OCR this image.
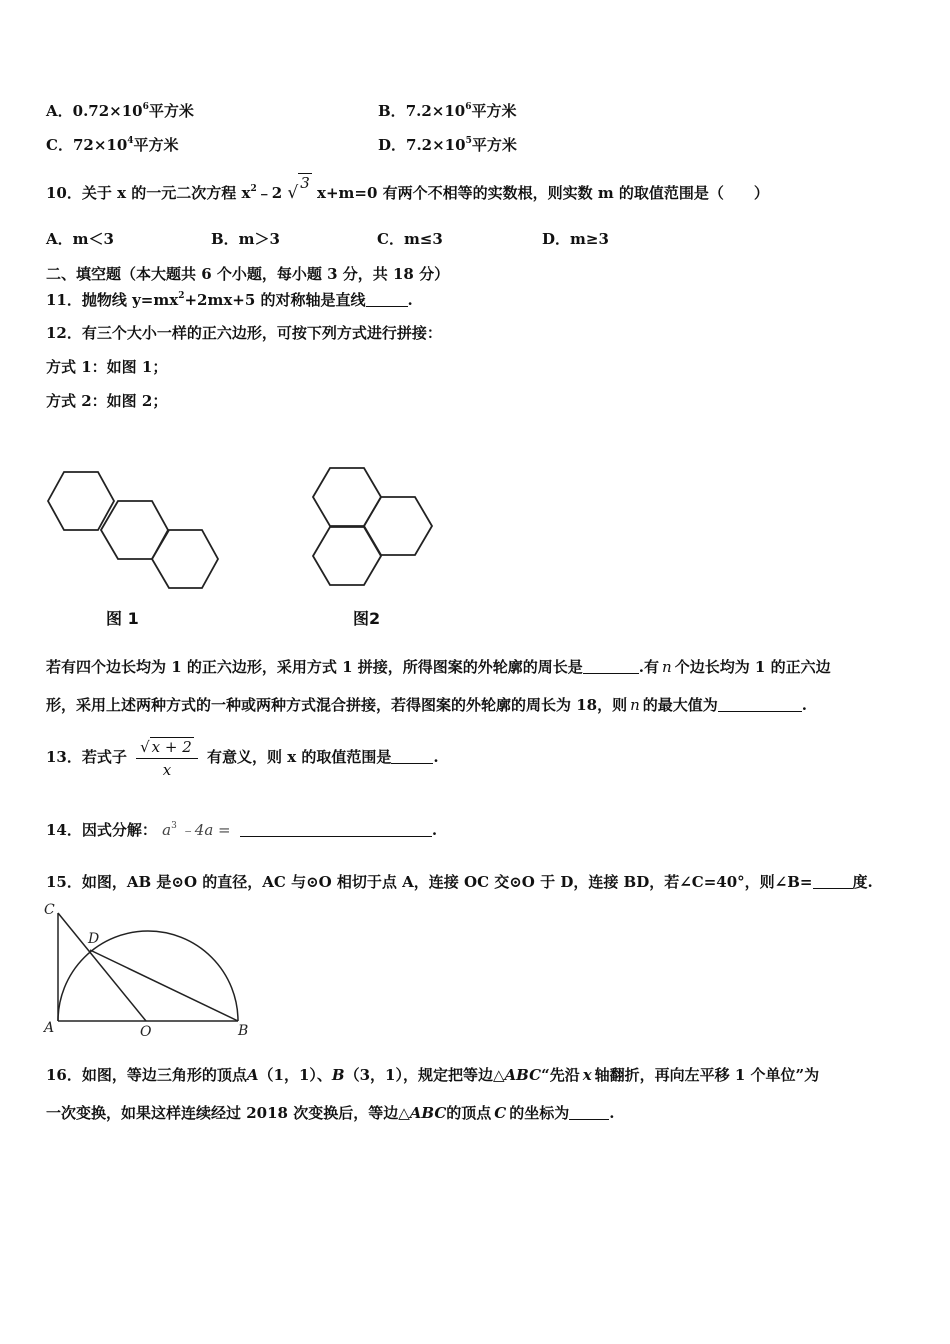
A．$0.72\times 10^6$平方米	B．$7.2\times 10^6$平方米
C．$72\times 10^4$平方米	D．$7.2\times 10^5$平方米
10．关于 x 的一元二次方程 $x^2﹣2$ √ 3 x+m=0 有两个不相等的实数根，则实数 m 的取值范围是（　　）
A．m＜3	B．m＞3	C．m≤3	D．m≥3
二、填空题（本大题共 6 个小题，每小题 3 分，共 18 分）
11．抛物线 $y=mx^2+2mx+5$ 的对称轴是直线	.
12．有三个大小一样的正六边形，可按下列方式进行拼接：
方式 1：如图 1；
方式 2：如图 2；
图 1	图2
若有四个边长均为 1 的正六边形，采用方式 1 拼接，所得图案的外轮廓的周长是	.有 n 个边长均为 1 的正六边
形，采用上述两种方式的一种或两种方式混合拼接，若得图案的外轮廓的周长为 18，则 n 的最大值为	.
13．若式子 $\frac{√ x + 2}{x}$ 有意义，则 x 的取值范围是	.
14．因式分解： $a^3$ ﹣4a =	.
15．如图，AB 是⊙O 的直径，AC 与⊙O 相切于点 A，连接 OC 交⊙O 于 D，连接 BD，若∠C=40°，则∠B=	度.
C
D
A	O	B
16．如图，等边三角形的顶点A（1，1）、B（3，1），规定把等边△ABC“先沿 x 轴翻折，再向左平移 1 个单位”为
一次变换，如果这样连续经过 2018 次变换后，等边△ABC的顶点 C 的坐标为	.
